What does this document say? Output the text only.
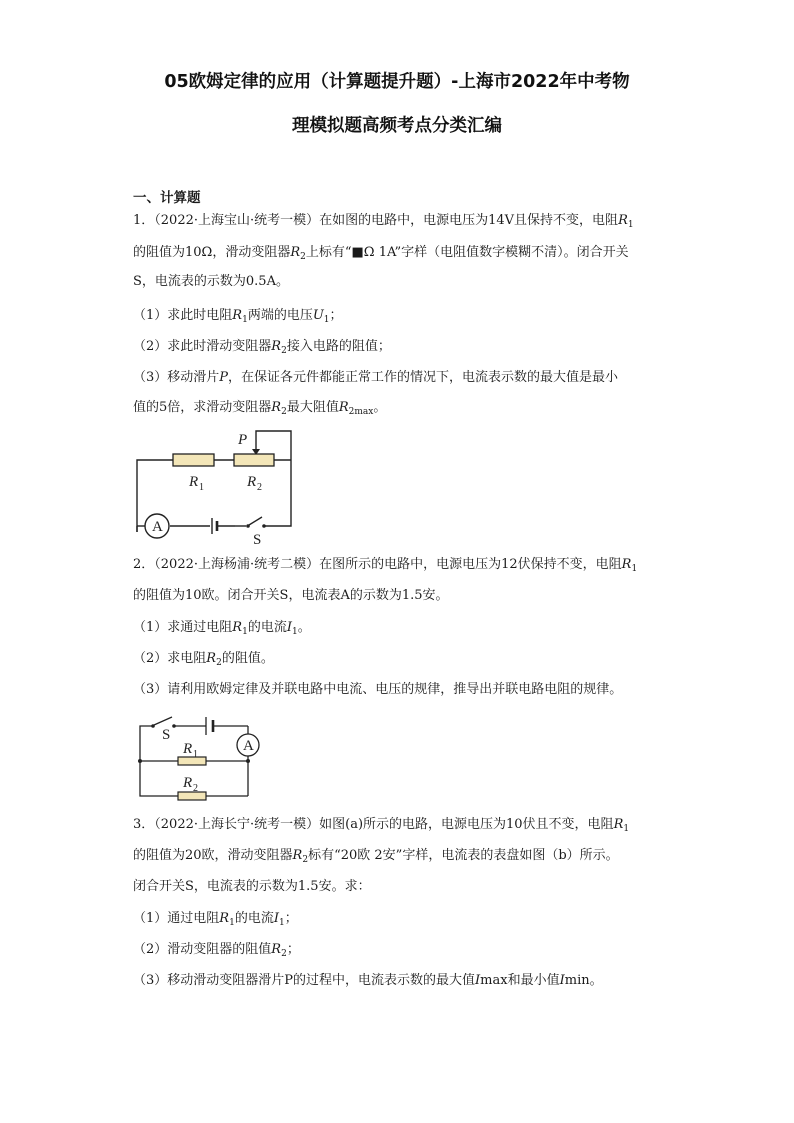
05欧姆定律的应用（计算题提升题）-上海市2022年中考物
理模拟题高频考点分类汇编
一、计算题
1．（2022·上海宝山·统考一模）在如图的电路中，电源电压为14V且保持不变，电阻$R_1$
的阻值为10Ω，滑动变阻器$R_2$上标有“■Ω 1A”字样（电阻值数字模糊不清）。闭合开关
S，电流表的示数为0.5A。
（1）求此时电阻$R_1$两端的电压$U_1$；
（2）求此时滑动变阻器$R_2$接入电路的阻值；
（3）移动滑片P，在保证各元件都能正常工作的情况下，电流表示数的最大值是最小
值的5倍，求滑动变阻器$R_2$最大阻值$R_{2max}$。
P
R 1	R 2
A
S
2．（2022·上海杨浦·统考二模）在图所示的电路中，电源电压为12伏保持不变，电阻$R_1$
的阻值为10欧。闭合开关S，电流表A的示数为1.5安。
（1）求通过电阻$R_1$的电流$I_1$。
（2）求电阻$R_2$的阻值。
（3）请利用欧姆定律及并联电路中电流、电压的规律，推导出并联电路电阻的规律。
S
R 1
R 2
A
3．（2022·上海长宁·统考一模）如图(a)所示的电路，电源电压为10伏且不变，电阻$R_1$
的阻值为20欧，滑动变阻器$R_2$标有“20欧 2安”字样，电流表的表盘如图（b）所示。
闭合开关S，电流表的示数为1.5安。求：
（1）通过电阻$R_1$的电流$I_1$；
（2）滑动变阻器的阻值$R_2$；
（3）移动滑动变阻器滑片P的过程中，电流表示数的最大值Imax和最小值Imin。
